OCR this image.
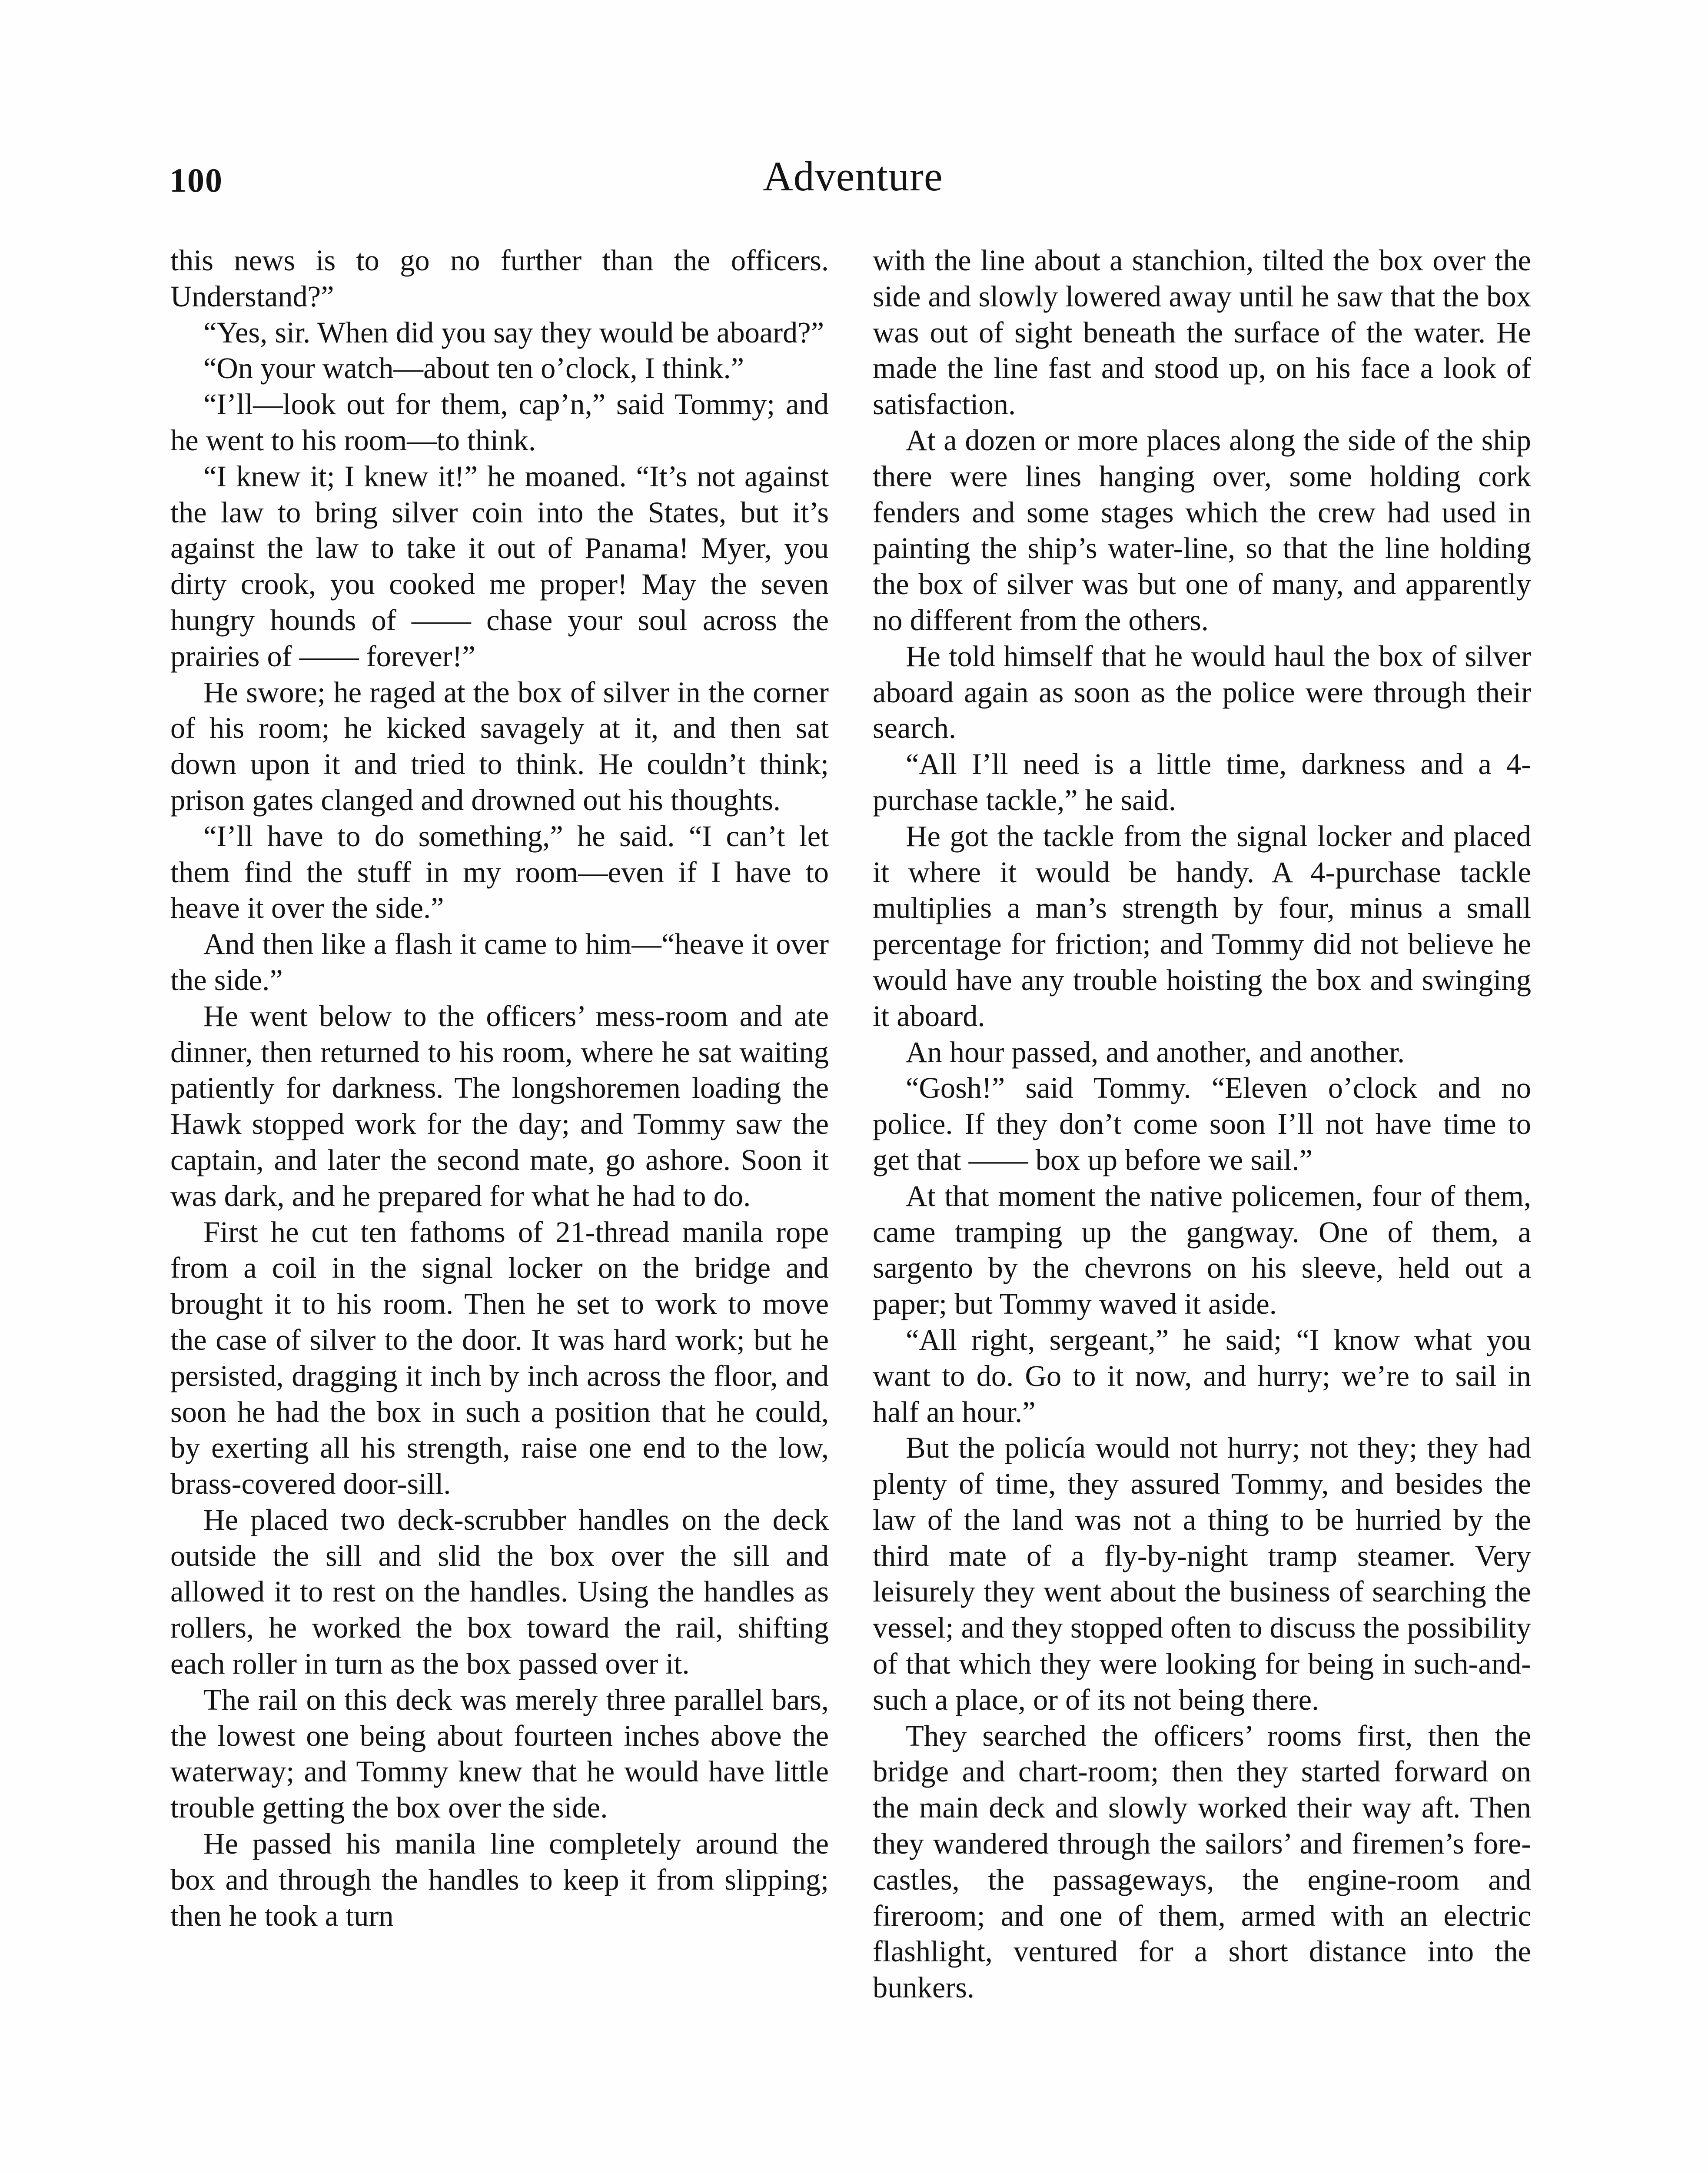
100	Adventure

this news is to go no further than the officers. Understand?”

“Yes, sir. When did you say they would be aboard?”

“On your watch—about ten o’clock, I think.”

“I’ll—look out for them, cap’n,” said Tommy; and he went to his room—to think.

“I knew it; I knew it!” he moaned. “It’s not against the law to bring silver coin into the States, but it’s against the law to take it out of Panama! Myer, you dirty crook, you cooked me proper! May the seven hungry hounds of —— chase your soul across the prairies of —— forever!”

He swore; he raged at the box of silver in the corner of his room; he kicked savagely at it, and then sat down upon it and tried to think. He couldn’t think; prison gates clanged and drowned out his thoughts.

“I’ll have to do something,” he said. “I can’t let them find the stuff in my room—even if I have to heave it over the side.”

And then like a flash it came to him—“heave it over the side.”

He went below to the officers’ mess-room and ate dinner, then returned to his room, where he sat waiting patiently for darkness. The longshoremen loading the Hawk stopped work for the day; and Tommy saw the captain, and later the second mate, go ashore. Soon it was dark, and he prepared for what he had to do.

First he cut ten fathoms of 21-thread manila rope from a coil in the signal locker on the bridge and brought it to his room. Then he set to work to move the case of silver to the door. It was hard work; but he persisted, dragging it inch by inch across the floor, and soon he had the box in such a position that he could, by exerting all his strength, raise one end to the low, brass-covered door-sill.

He placed two deck-scrubber handles on the deck outside the sill and slid the box over the sill and allowed it to rest on the handles. Using the handles as rollers, he worked the box toward the rail, shifting each roller in turn as the box passed over it.

The rail on this deck was merely three parallel bars, the lowest one being about fourteen inches above the waterway; and Tommy knew that he would have little trouble getting the box over the side.

He passed his manila line completely around the box and through the handles to keep it from slipping; then he took a turn

with the line about a stanchion, tilted the box over the side and slowly lowered away until he saw that the box was out of sight beneath the surface of the water. He made the line fast and stood up, on his face a look of satisfaction.

At a dozen or more places along the side of the ship there were lines hanging over, some holding cork fenders and some stages which the crew had used in painting the ship’s water-line, so that the line holding the box of silver was but one of many, and apparently no different from the others.

He told himself that he would haul the box of silver aboard again as soon as the police were through their search.

“All I’ll need is a little time, darkness and a 4-purchase tackle,” he said.

He got the tackle from the signal locker and placed it where it would be handy. A 4-purchase tackle multiplies a man’s strength by four, minus a small percentage for friction; and Tommy did not believe he would have any trouble hoisting the box and swinging it aboard.

An hour passed, and another, and another.

“Gosh!” said Tommy. “Eleven o’clock and no police. If they don’t come soon I’ll not have time to get that —— box up before we sail.”

At that moment the native policemen, four of them, came tramping up the gangway. One of them, a sargento by the chevrons on his sleeve, held out a paper; but Tommy waved it aside.

“All right, sergeant,” he said; “I know what you want to do. Go to it now, and hurry; we’re to sail in half an hour.”

But the policía would not hurry; not they; they had plenty of time, they assured Tommy, and besides the law of the land was not a thing to be hurried by the third mate of a fly-by-night tramp steamer. Very leisurely they went about the business of searching the vessel; and they stopped often to discuss the possibility of that which they were looking for being in such-and-such a place, or of its not being there.

They searched the officers’ rooms first, then the bridge and chart-room; then they started forward on the main deck and slowly worked their way aft. Then they wandered through the sailors’ and firemen’s forecastles, the passageways, the engine-room and fireroom; and one of them, armed with an electric flashlight, ventured for a short distance into the bunkers.
